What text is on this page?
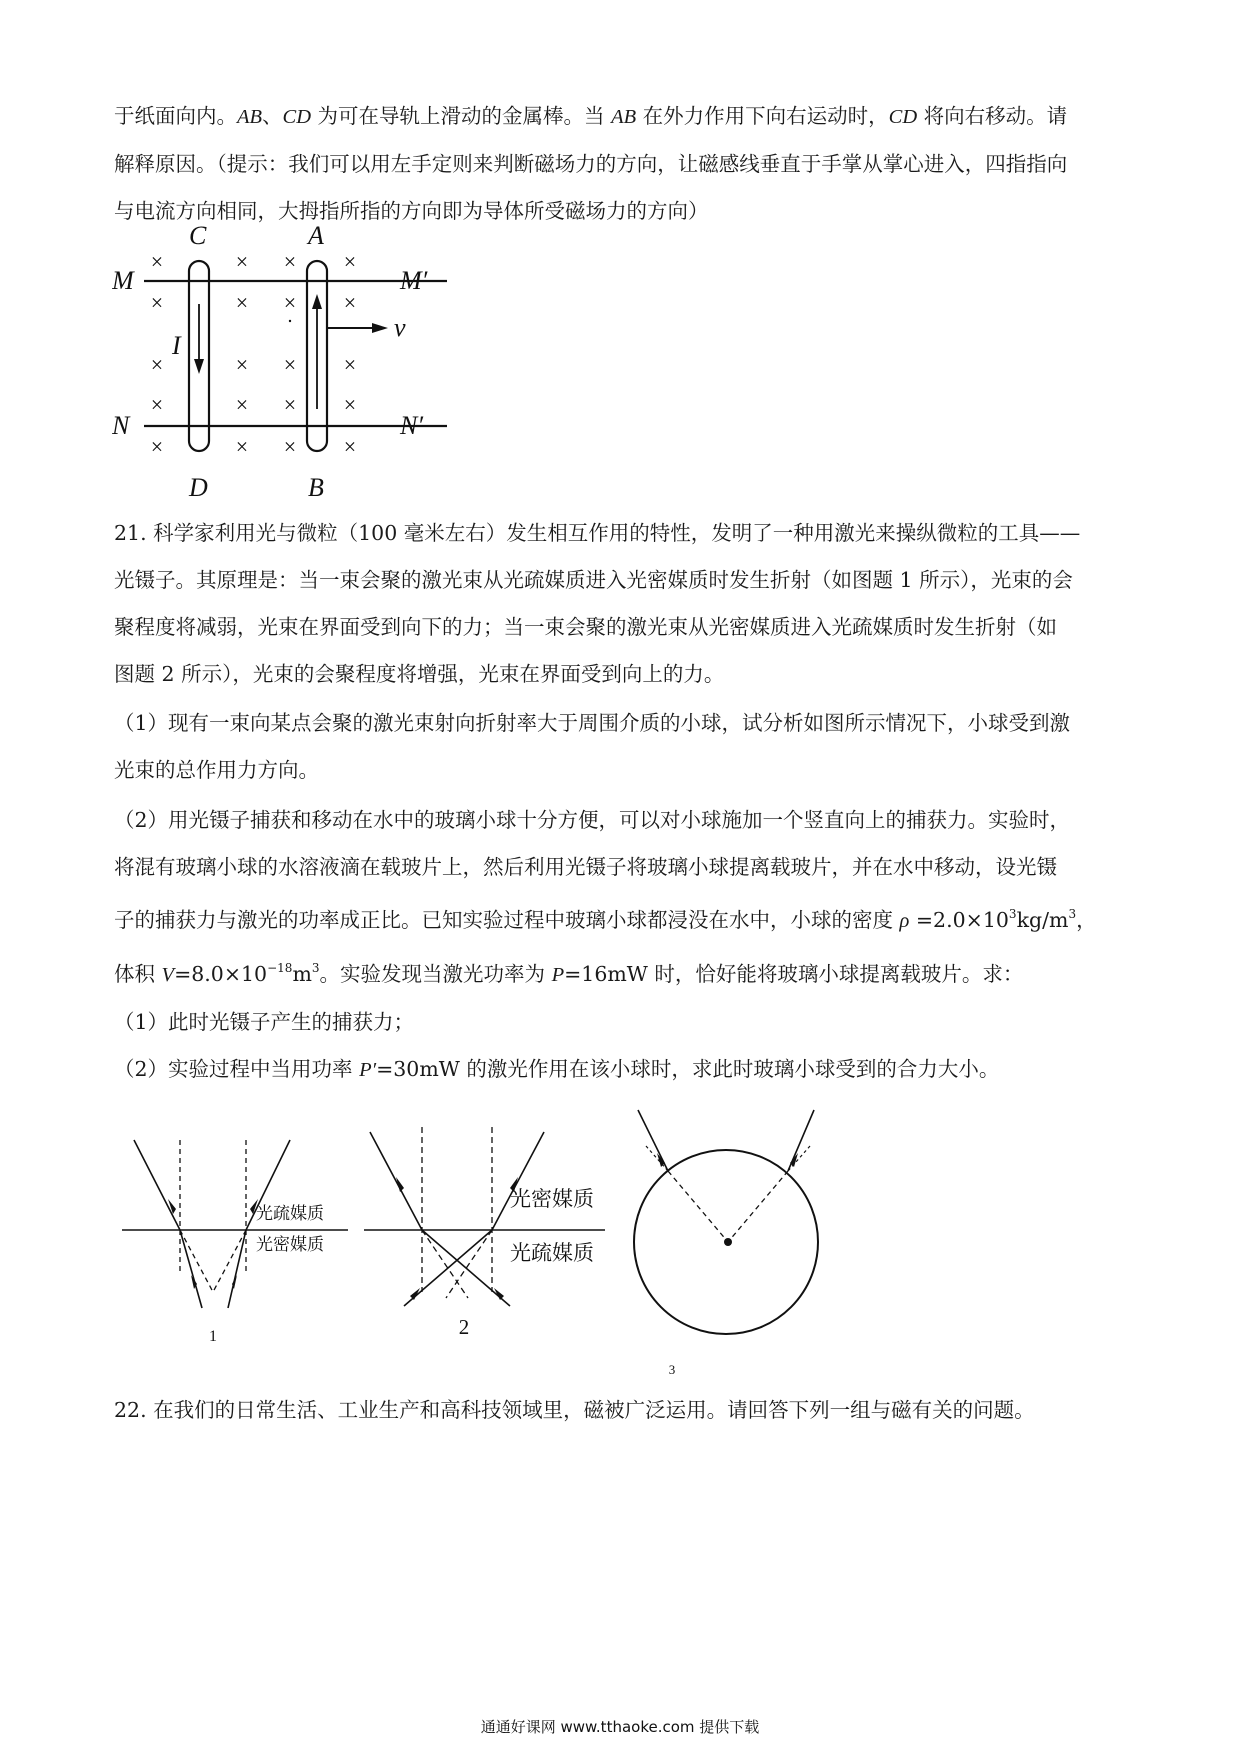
于纸面向内。AB、CD 为可在导轨上滑动的金属棒。当 AB 在外力作用下向右运动时，CD 将向右移动。请
解释原因。（提示：我们可以用左手定则来判断磁场力的方向，让磁感线垂直于手掌从掌心进入，四指指向
与电流方向相同，大拇指所指的方向即为导体所受磁场力的方向）
×	× × ×
×	× × ×
×	× × ×
×	× × ×
×	× × ×
C	A
M	M′
I
v
N	N′
D	B
21. 科学家利用光与微粒（100 毫米左右）发生相互作用的特性，发明了一种用激光来操纵微粒的工具——
光镊子。其原理是：当一束会聚的激光束从光疏媒质进入光密媒质时发生折射（如图题 1 所示），光束的会
聚程度将减弱，光束在界面受到向下的力；当一束会聚的激光束从光密媒质进入光疏媒质时发生折射（如
图题 2 所示），光束的会聚程度将增强，光束在界面受到向上的力。
（1）现有一束向某点会聚的激光束射向折射率大于周围介质的小球，试分析如图所示情况下，小球受到激
光束的总作用力方向。
（2）用光镊子捕获和移动在水中的玻璃小球十分方便，可以对小球施加一个竖直向上的捕获力。实验时，
将混有玻璃小球的水溶液滴在载玻片上，然后利用光镊子将玻璃小球提离载玻片，并在水中移动，设光镊
子的捕获力与激光的功率成正比。已知实验过程中玻璃小球都浸没在水中，小球的密度 $\rho =2.0\times 10^3kg/m^3$，
体积 $V=8.0\times 10^{-18}m^3$。实验发现当激光功率为 P=16mW 时，恰好能将玻璃小球提离载玻片。求：
（1）此时光镊子产生的捕获力；
（2）实验过程中当用功率 P′=30mW 的激光作用在该小球时，求此时玻璃小球受到的合力大小。
光疏媒质
光密媒质
1
光密媒质
光疏媒质
2
3
22. 在我们的日常生活、工业生产和高科技领域里，磁被广泛运用。请回答下列一组与磁有关的问题。
通通好课网 www.tthaoke.com 提供下载
